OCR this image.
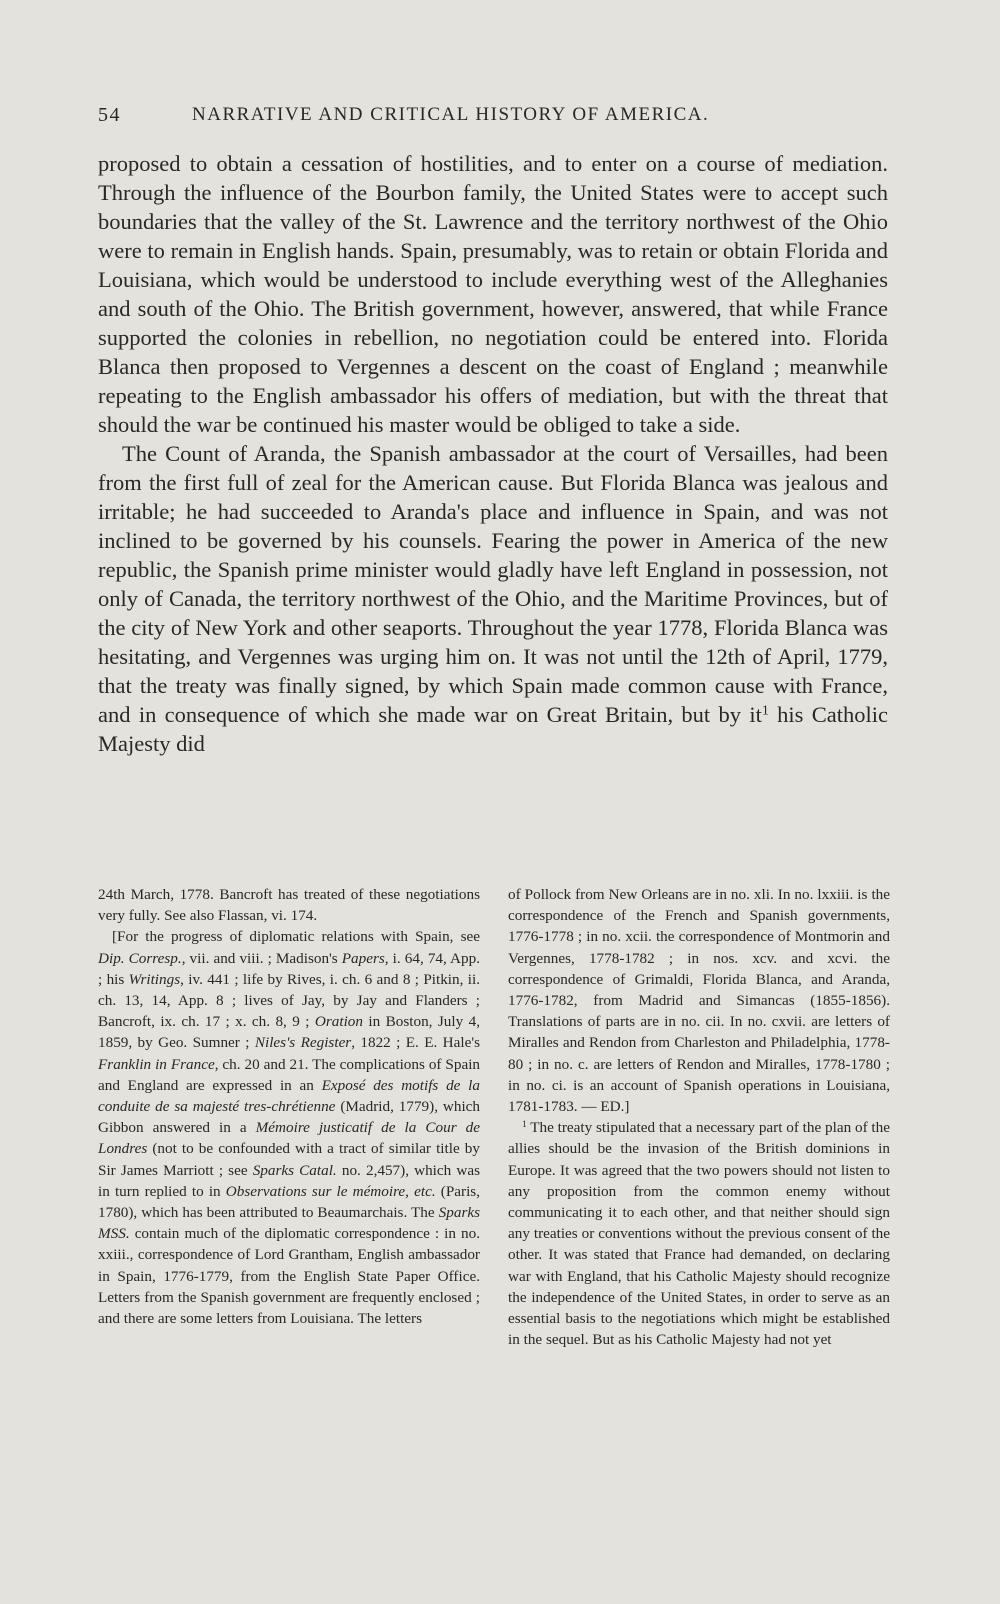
54	NARRATIVE AND CRITICAL HISTORY OF AMERICA.

proposed to obtain a cessation of hostilities, and to enter on a course of mediation. Through the influence of the Bourbon family, the United States were to accept such boundaries that the valley of the St. Lawrence and the territory northwest of the Ohio were to remain in English hands. Spain, presumably, was to retain or obtain Florida and Louisiana, which would be understood to include everything west of the Alleghanies and south of the Ohio. The British government, however, answered, that while France supported the colonies in rebellion, no negotiation could be entered into. Florida Blanca then proposed to Vergennes a descent on the coast of England ; meanwhile repeating to the English ambassador his offers of mediation, but with the threat that should the war be continued his master would be obliged to take a side.

The Count of Aranda, the Spanish ambassador at the court of Versailles, had been from the first full of zeal for the American cause. But Florida Blanca was jealous and irritable; he had succeeded to Aranda's place and influence in Spain, and was not inclined to be governed by his counsels. Fearing the power in America of the new republic, the Spanish prime minister would gladly have left England in possession, not only of Canada, the territory northwest of the Ohio, and the Maritime Provinces, but of the city of New York and other seaports. Throughout the year 1778, Florida Blanca was hesitating, and Vergennes was urging him on. It was not until the 12th of April, 1779, that the treaty was finally signed, by which Spain made common cause with France, and in consequence of which she made war on Great Britain, but by $it^1$ his Catholic Majesty did

24th March, 1778. Bancroft has treated of these negotiations very fully. See also Flassan, vi. 174.

[For the progress of diplomatic relations with Spain, see Dip. Corresp., vii. and viii. ; Madison's Papers, i. 64, 74, App. ; his Writings, iv. 441 ; life by Rives, i. ch. 6 and 8 ; Pitkin, ii. ch. 13, 14, App. 8 ; lives of Jay, by Jay and Flanders ; Bancroft, ix. ch. 17 ; x. ch. 8, 9 ; Oration in Boston, July 4, 1859, by Geo. Sumner ; Niles's Register, 1822 ; E. E. Hale's Franklin in France, ch. 20 and 21. The complications of Spain and England are expressed in an Exposé des motifs de la conduite de sa majesté tres-chrétienne (Madrid, 1779), which Gibbon answered in a Mémoire justicatif de la Cour de Londres (not to be confounded with a tract of similar title by Sir James Marriott ; see Sparks Catal. no. 2,457), which was in turn replied to in Observations sur le mémoire, etc. (Paris, 1780), which has been attributed to Beaumarchais. The Sparks MSS. contain much of the diplomatic correspondence : in no. xxiii., correspondence of Lord Grantham, English ambassador in Spain, 1776-1779, from the English State Paper Office. Letters from the Spanish government are frequently enclosed ; and there are some letters from Louisiana. The letters

of Pollock from New Orleans are in no. xli. In no. lxxiii. is the correspondence of the French and Spanish governments, 1776-1778 ; in no. xcii. the correspondence of Montmorin and Vergennes, 1778-1782 ; in nos. xcv. and xcvi. the correspondence of Grimaldi, Florida Blanca, and Aranda, 1776-1782, from Madrid and Simancas (1855-1856). Translations of parts are in no. cii. In no. cxvii. are letters of Miralles and Rendon from Charleston and Philadelphia, 1778-80 ; in no. c. are letters of Rendon and Miralles, 1778-1780 ; in no. ci. is an account of Spanish operations in Louisiana, 1781-1783. — ED.]

$^1$ The treaty stipulated that a necessary part of the plan of the allies should be the invasion of the British dominions in Europe. It was agreed that the two powers should not listen to any proposition from the common enemy without communicating it to each other, and that neither should sign any treaties or conventions without the previous consent of the other. It was stated that France had demanded, on declaring war with England, that his Catholic Majesty should recognize the independence of the United States, in order to serve as an essential basis to the negotiations which might be established in the sequel. But as his Catholic Majesty had not yet
